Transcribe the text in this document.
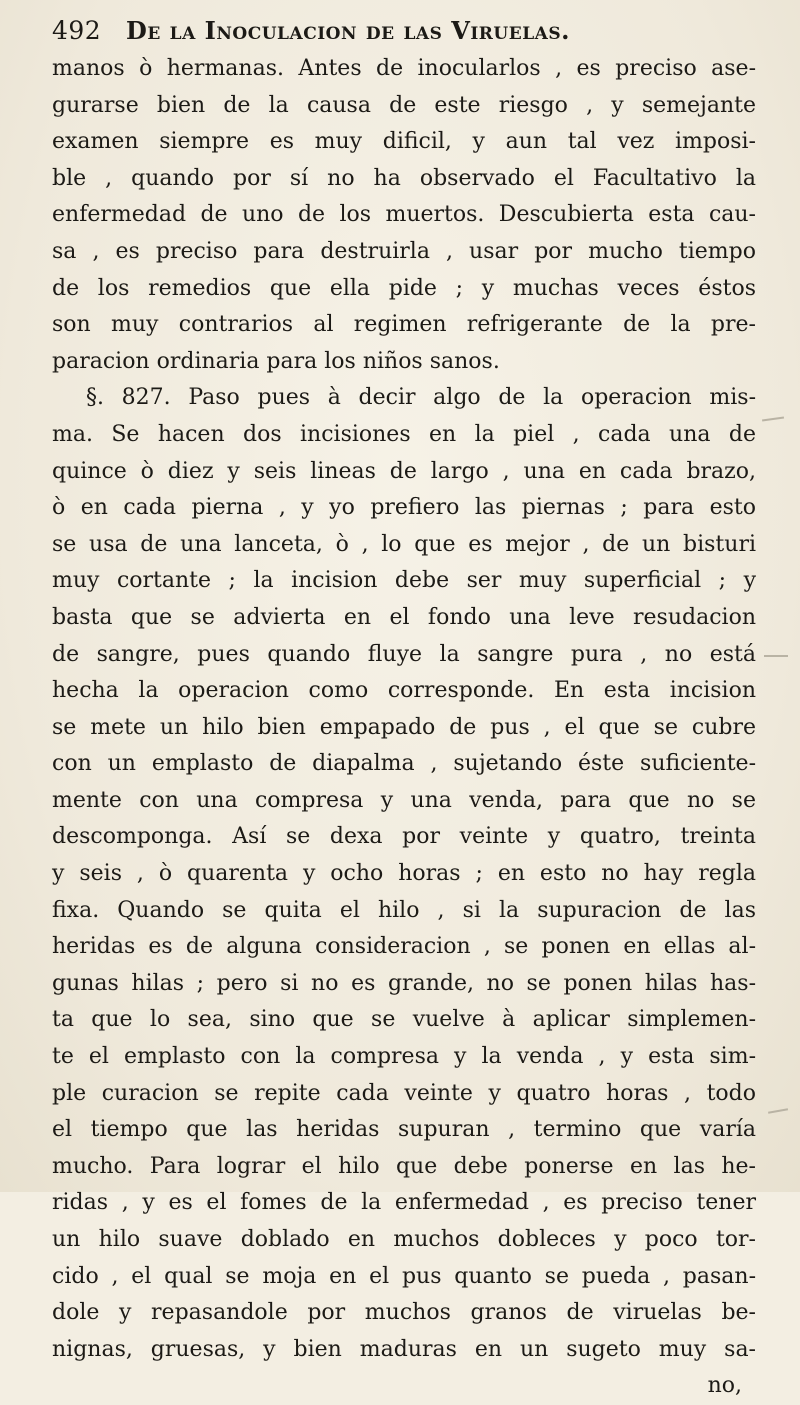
492 De la Inoculacion de las Viruelas.
manos ò hermanas. Antes de inocularlos , es preciso ase-
gurarse bien de la causa de este riesgo , y semejante
examen siempre es muy dificil, y aun tal vez imposi-
ble , quando por sí no ha observado el Facultativo la
enfermedad de uno de los muertos. Descubierta esta cau-
sa , es preciso para destruirla , usar por mucho tiempo
de los remedios que ella pide ; y muchas veces éstos
son muy contrarios al regimen refrigerante de la pre-
paracion ordinaria para los niños sanos.
§. 827. Paso pues à decir algo de la operacion mis-
ma. Se hacen dos incisiones en la piel , cada una de
quince ò diez y seis lineas de largo , una en cada brazo,
ò en cada pierna , y yo prefiero las piernas ; para esto
se usa de una lanceta, ò , lo que es mejor , de un bisturi
muy cortante ; la incision debe ser muy superficial ; y
basta que se advierta en el fondo una leve resudacion
de sangre, pues quando fluye la sangre pura , no está
hecha la operacion como corresponde. En esta incision
se mete un hilo bien empapado de pus , el que se cubre
con un emplasto de diapalma , sujetando éste suficiente-
mente con una compresa y una venda, para que no se
descomponga. Así se dexa por veinte y quatro, treinta
y seis , ò quarenta y ocho horas ; en esto no hay regla
fixa. Quando se quita el hilo , si la supuracion de las
heridas es de alguna consideracion , se ponen en ellas al-
gunas hilas ; pero si no es grande, no se ponen hilas has-
ta que lo sea, sino que se vuelve à aplicar simplemen-
te el emplasto con la compresa y la venda , y esta sim-
ple curacion se repite cada veinte y quatro horas , todo
el tiempo que las heridas supuran , termino que varía
mucho. Para lograr el hilo que debe ponerse en las he-
ridas , y es el fomes de la enfermedad , es preciso tener
un hilo suave doblado en muchos dobleces y poco tor-
cido , el qual se moja en el pus quanto se pueda , pasan-
dole y repasandole por muchos granos de viruelas be-
nignas, gruesas, y bien maduras en un sugeto muy sa-
no,
